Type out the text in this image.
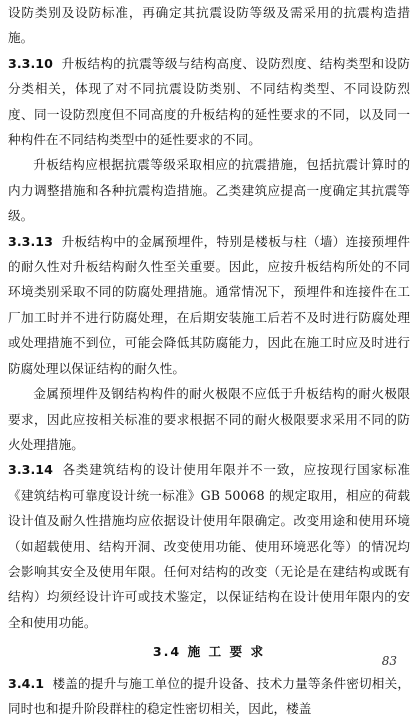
设防类别及设防标准，再确定其抗震设防等级及需采用的抗震构造措施。

3.3.10 升板结构的抗震等级与结构高度、设防烈度、结构类型和设防分类相关，体现了对不同抗震设防类别、不同结构类型、不同设防烈度、同一设防烈度但不同高度的升板结构的延性要求的不同，以及同一种构件在不同结构类型中的延性要求的不同。

升板结构应根据抗震等级采取相应的抗震措施，包括抗震计算时的内力调整措施和各种抗震构造措施。乙类建筑应提高一度确定其抗震等级。

3.3.13 升板结构中的金属预埋件，特别是楼板与柱（墙）连接预埋件的耐久性对升板结构耐久性至关重要。因此，应按升板结构所处的不同环境类别采取不同的防腐处理措施。通常情况下，预埋件和连接件在工厂加工时并不进行防腐处理，在后期安装施工后若不及时进行防腐处理或处理措施不到位，可能会降低其防腐能力，因此在施工时应及时进行防腐处理以保证结构的耐久性。

金属预埋件及钢结构构件的耐火极限不应低于升板结构的耐火极限要求，因此应按相关标准的要求根据不同的耐火极限要求采用不同的防火处理措施。

3.3.14 各类建筑结构的设计使用年限并不一致，应按现行国家标准《建筑结构可靠度设计统一标准》GB 50068 的规定取用，相应的荷载设计值及耐久性措施均应依据设计使用年限确定。改变用途和使用环境（如超载使用、结构开洞、改变使用功能、使用环境恶化等）的情况均会影响其安全及使用年限。任何对结构的改变（无论是在建结构或既有结构）均须经设计许可或技术鉴定，以保证结构在设计使用年限内的安全和使用功能。

3.4 施 工 要 求

3.4.1 楼盖的提升与施工单位的提升设备、技术力量等条件密切相关，同时也和提升阶段群柱的稳定性密切相关，因此，楼盖

83
